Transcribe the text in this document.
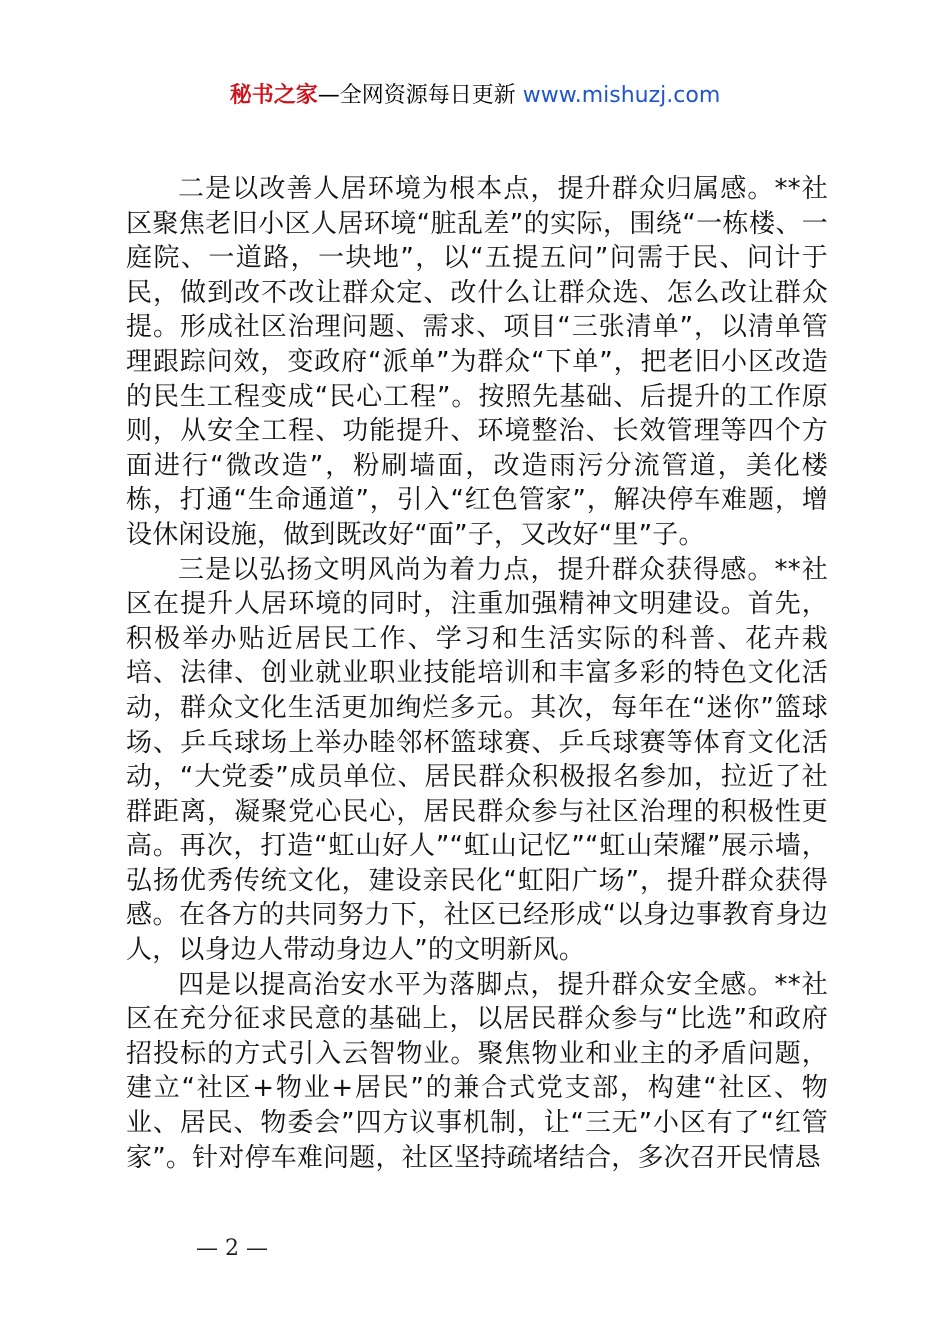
秘书之家—全网资源每日更新 www.mishuzj.com

二是以改善人居环境为根本点，提升群众归属感。**社区聚焦老旧小区人居环境“脏乱差”的实际，围绕“一栋楼、一庭院、一道路，一块地”，以“五提五问”问需于民、问计于民，做到改不改让群众定、改什么让群众选、怎么改让群众提。形成社区治理问题、需求、项目“三张清单”，以清单管理跟踪问效，变政府“派单”为群众“下单”，把老旧小区改造的民生工程变成“民心工程”。按照先基础、后提升的工作原则，从安全工程、功能提升、环境整治、长效管理等四个方面进行“微改造”，粉刷墙面，改造雨污分流管道，美化楼栋，打通“生命通道”，引入“红色管家”，解决停车难题，增设休闲设施，做到既改好“面”子，又改好“里”子。

三是以弘扬文明风尚为着力点，提升群众获得感。**社区在提升人居环境的同时，注重加强精神文明建设。首先，积极举办贴近居民工作、学习和生活实际的科普、花卉栽培、法律、创业就业职业技能培训和丰富多彩的特色文化活动，群众文化生活更加绚烂多元。其次，每年在“迷你”篮球场、乒乓球场上举办睦邻杯篮球赛、乒乓球赛等体育文化活动，“大党委”成员单位、居民群众积极报名参加，拉近了社群距离，凝聚党心民心，居民群众参与社区治理的积极性更高。再次，打造“虹山好人”“虹山记忆”“虹山荣耀”展示墙，弘扬优秀传统文化，建设亲民化“虹阳广场”，提升群众获得感。在各方的共同努力下，社区已经形成“以身边事教育身边人，以身边人带动身边人”的文明新风。

四是以提高治安水平为落脚点，提升群众安全感。**社区在充分征求民意的基础上，以居民群众参与“比选”和政府招投标的方式引入云智物业。聚焦物业和业主的矛盾问题，建立“社区+物业+居民”的兼合式党支部，构建“社区、物业、居民、物委会”四方议事机制，让“三无”小区有了“红管家”。针对停车难问题，社区坚持疏堵结合，多次召开民情恳

— 2 —
